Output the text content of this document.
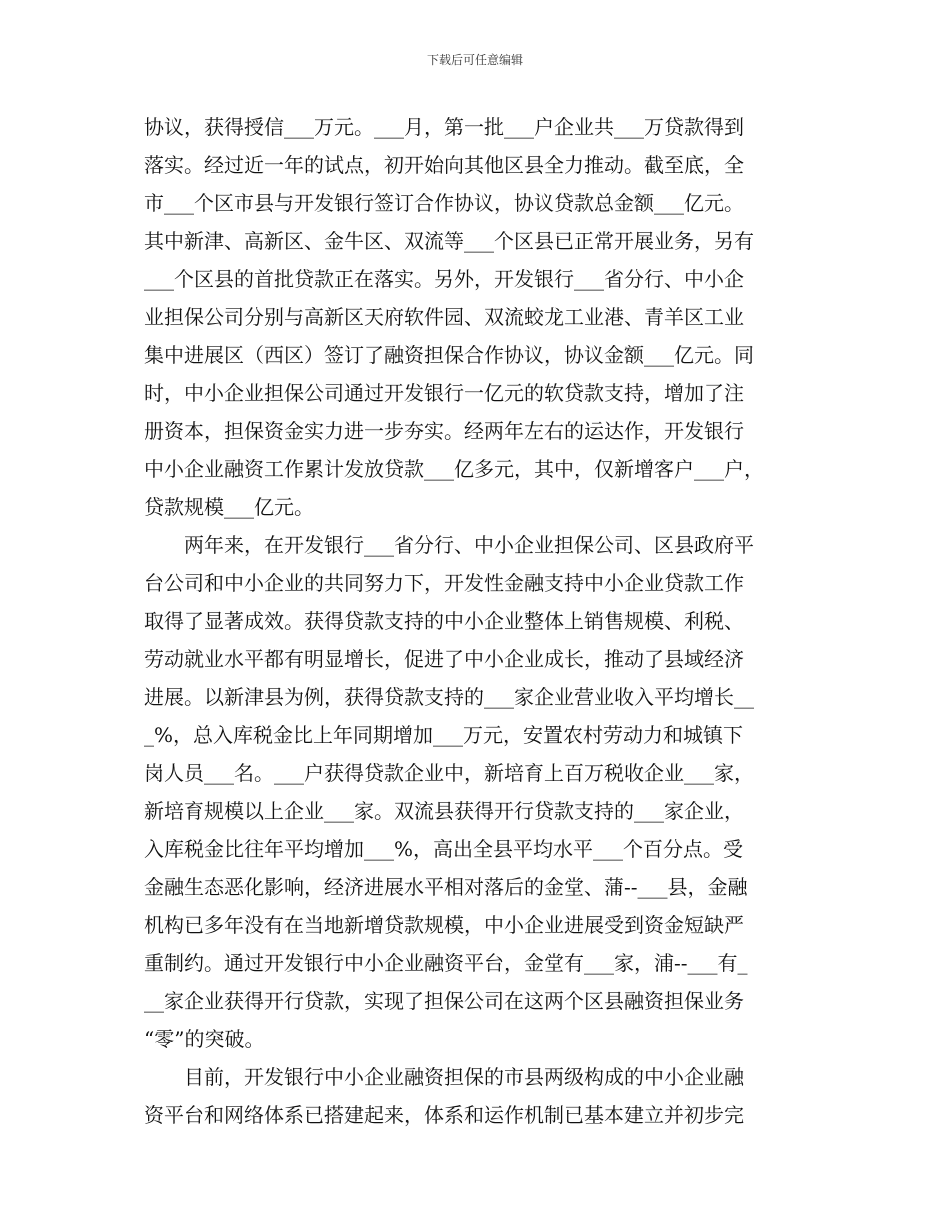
下载后可任意编辑
协议，获得授信___万元。___月，第一批___户企业共___万贷款得到
落实。经过近一年的试点，初开始向其他区县全力推动。截至底，全
市___个区市县与开发银行签订合作协议，协议贷款总金额___亿元。
其中新津、高新区、金牛区、双流等___个区县已正常开展业务，另有
___个区县的首批贷款正在落实。另外，开发银行___省分行、中小企
业担保公司分别与高新区天府软件园、双流蛟龙工业港、青羊区工业
集中进展区（西区）签订了融资担保合作协议，协议金额___亿元。同
时，中小企业担保公司通过开发银行一亿元的软贷款支持，增加了注
册资本，担保资金实力进一步夯实。经两年左右的运达作，开发银行
中小企业融资工作累计发放贷款___亿多元，其中，仅新增客户___户，
贷款规模___亿元。
　　两年来，在开发银行___省分行、中小企业担保公司、区县政府平
台公司和中小企业的共同努力下，开发性金融支持中小企业贷款工作
取得了显著成效。获得贷款支持的中小企业整体上销售规模、利税、
劳动就业水平都有明显增长，促进了中小企业成长，推动了县域经济
进展。以新津县为例，获得贷款支持的___家企业营业收入平均增长__
_%，总入库税金比上年同期增加___万元，安置农村劳动力和城镇下
岗人员___名。___户获得贷款企业中，新培育上百万税收企业___家，
新培育规模以上企业___家。双流县获得开行贷款支持的___家企业，
入库税金比往年平均增加___%，高出全县平均水平___个百分点。受
金融生态恶化影响，经济进展水平相对落后的金堂、蒲--___县，金融
机构已多年没有在当地新增贷款规模，中小企业进展受到资金短缺严
重制约。通过开发银行中小企业融资平台，金堂有___家，浦--___有_
__家企业获得开行贷款，实现了担保公司在这两个区县融资担保业务
“零”的突破。
　　目前，开发银行中小企业融资担保的市县两级构成的中小企业融
资平台和网络体系已搭建起来，体系和运作机制已基本建立并初步完
